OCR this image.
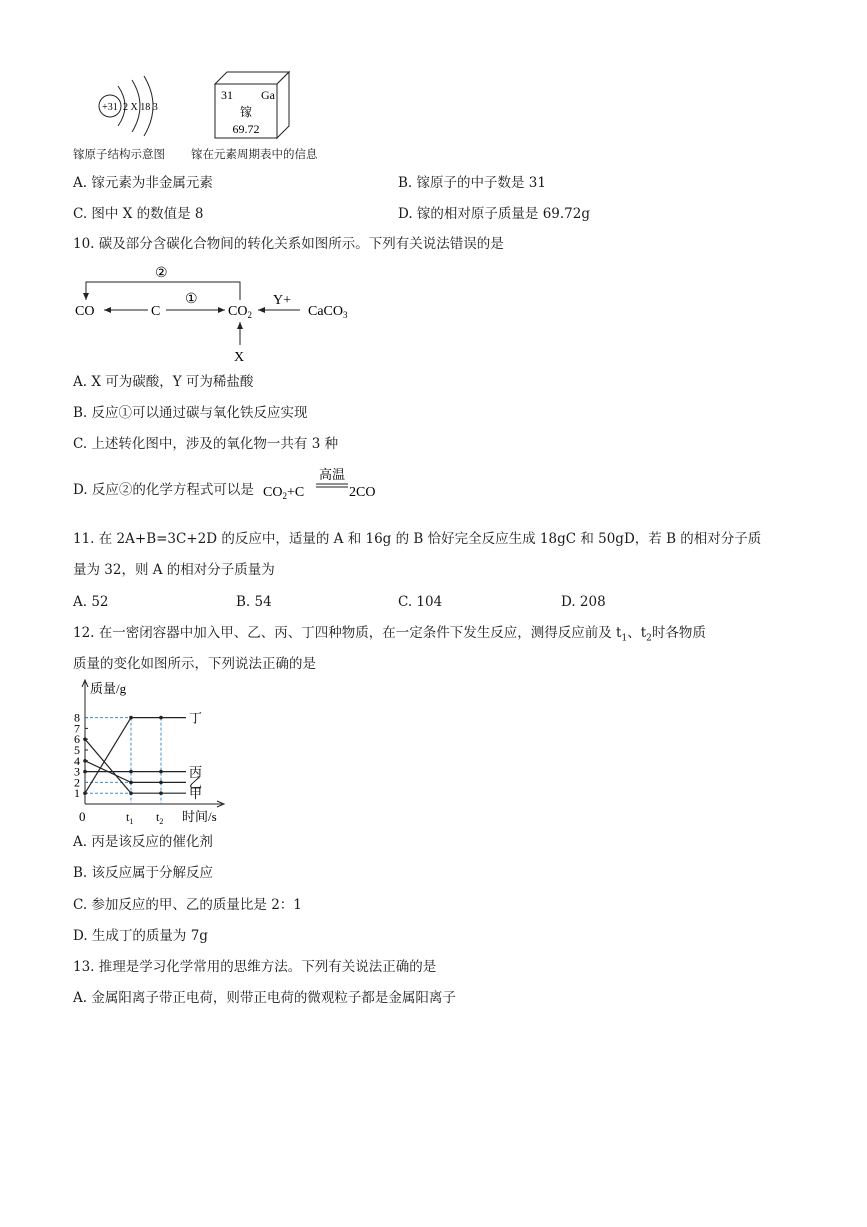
+31 2 X 18 3
镓原子结构示意图
31 Ga
镓
69.72
镓在元素周期表中的信息
A. 镓元素为非金属元素	B. 镓原子的中子数是 31
C. 图中 X 的数值是 8	D. 镓的相对原子质量是 69.72g
10. 碳及部分含碳化合物间的转化关系如图所示。下列有关说法错误的是
②
①	Y+
CO	C	$CO_2$	CaCO$_3$
X
A. X 可为碳酸，Y 可为稀盐酸
B. 反应①可以通过碳与氧化铁反应实现
C. 上述转化图中，涉及的氧化物一共有 3 种
D. 反应②的化学方程式可以是 $CO_2+C$
高温
2CO
11. 在 2A+B=3C+2D 的反应中，适量的 A 和 16g 的 B 恰好完全反应生成 18gC 和 50gD，若 B 的相对分子质
量为 32，则 A 的相对分子质量为
A. 52	B. 54	C. 104	D. 208
12. 在一密闭容器中加入甲、乙、丙、丁四种物质，在一定条件下发生反应，测得反应前及 $t_1$、$t_2$时各物质
质量的变化如图所示，下列说法正确的是
质量/g
时间/s
0
1
2
3
4
5
6
7
8
$t_1$ $t_2$
丁
丙
乙
甲
A. 丙是该反应的催化剂
B. 该反应属于分解反应
C. 参加反应的甲、乙的质量比是 2：1
D. 生成丁的质量为 7g
13. 推理是学习化学常用的思维方法。下列有关说法正确的是
A. 金属阳离子带正电荷，则带正电荷的微观粒子都是金属阳离子
